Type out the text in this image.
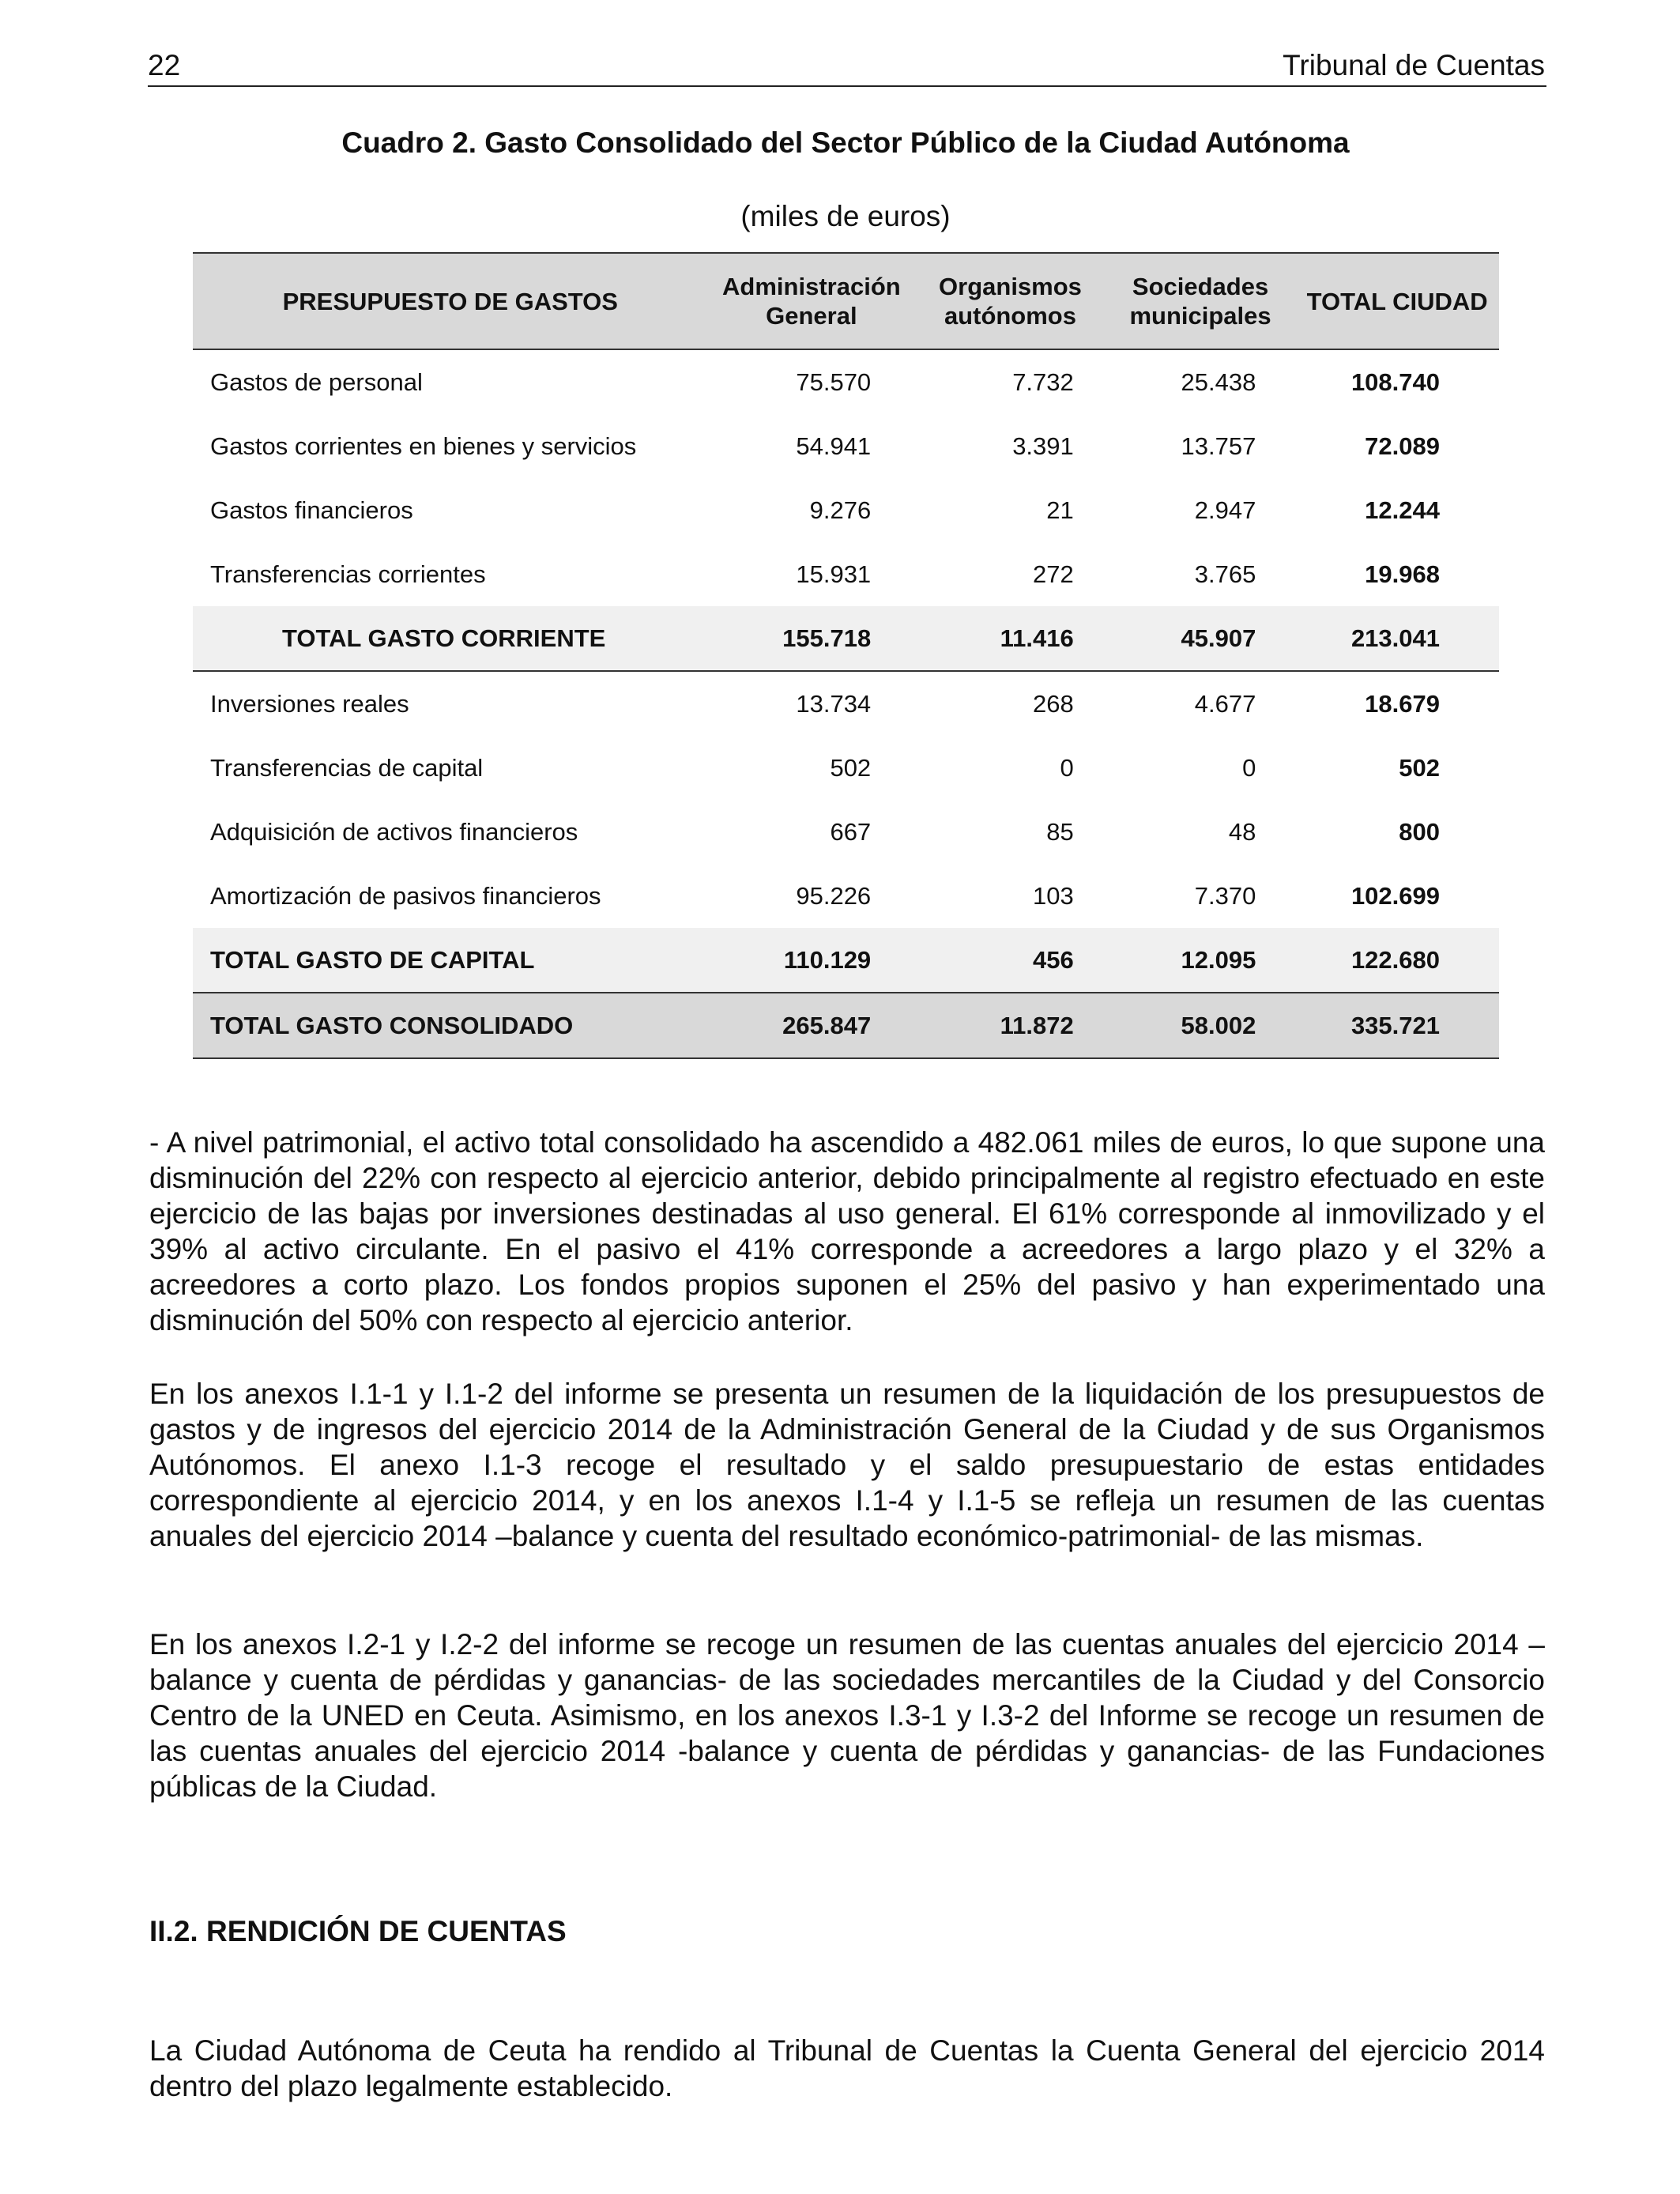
22	Tribunal de Cuentas
Cuadro 2. Gasto Consolidado del Sector Público de la Ciudad Autónoma
(miles de euros)
PRESUPUESTO DE GASTOS	Administración General	Organismos autónomos	Sociedades municipales	TOTAL CIUDAD
Gastos de personal	75.570	7.732	25.438	108.740
Gastos corrientes en bienes y servicios	54.941	3.391	13.757	72.089
Gastos financieros	9.276	21	2.947	12.244
Transferencias corrientes	15.931	272	3.765	19.968
TOTAL GASTO CORRIENTE	155.718	11.416	45.907	213.041
Inversiones reales	13.734	268	4.677	18.679
Transferencias de capital	502	0	0	502
Adquisición de activos financieros	667	85	48	800
Amortización de pasivos financieros	95.226	103	7.370	102.699
TOTAL GASTO DE CAPITAL	110.129	456	12.095	122.680
TOTAL GASTO CONSOLIDADO	265.847	11.872	58.002	335.721

- A nivel patrimonial, el activo total consolidado ha ascendido a 482.061 miles de euros, lo que supone una disminución del 22% con respecto al ejercicio anterior, debido principalmente al registro efectuado en este ejercicio de las bajas por inversiones destinadas al uso general. El 61% corresponde al inmovilizado y el 39% al activo circulante. En el pasivo el 41% corresponde a acreedores a largo plazo y el 32% a acreedores a corto plazo. Los fondos propios suponen el 25% del pasivo y han experimentado una disminución del 50% con respecto al ejercicio anterior.

En los anexos I.1-1 y I.1-2 del informe se presenta un resumen de la liquidación de los presupuestos de gastos y de ingresos del ejercicio 2014 de la Administración General de la Ciudad y de sus Organismos Autónomos. El anexo I.1-3 recoge el resultado y el saldo presupuestario de estas entidades correspondiente al ejercicio 2014, y en los anexos I.1-4 y I.1-5 se refleja un resumen de las cuentas anuales del ejercicio 2014 –balance y cuenta del resultado económico-patrimonial- de las mismas.

En los anexos I.2-1 y I.2-2 del informe se recoge un resumen de las cuentas anuales del ejercicio 2014 –balance y cuenta de pérdidas y ganancias- de las sociedades mercantiles de la Ciudad y del Consorcio Centro de la UNED en Ceuta. Asimismo, en los anexos I.3-1 y I.3-2 del Informe se recoge un resumen de las cuentas anuales del ejercicio 2014 -balance y cuenta de pérdidas y ganancias- de las Fundaciones públicas de la Ciudad.

II.2. RENDICIÓN DE CUENTAS

La Ciudad Autónoma de Ceuta ha rendido al Tribunal de Cuentas la Cuenta General del ejercicio 2014 dentro del plazo legalmente establecido.
